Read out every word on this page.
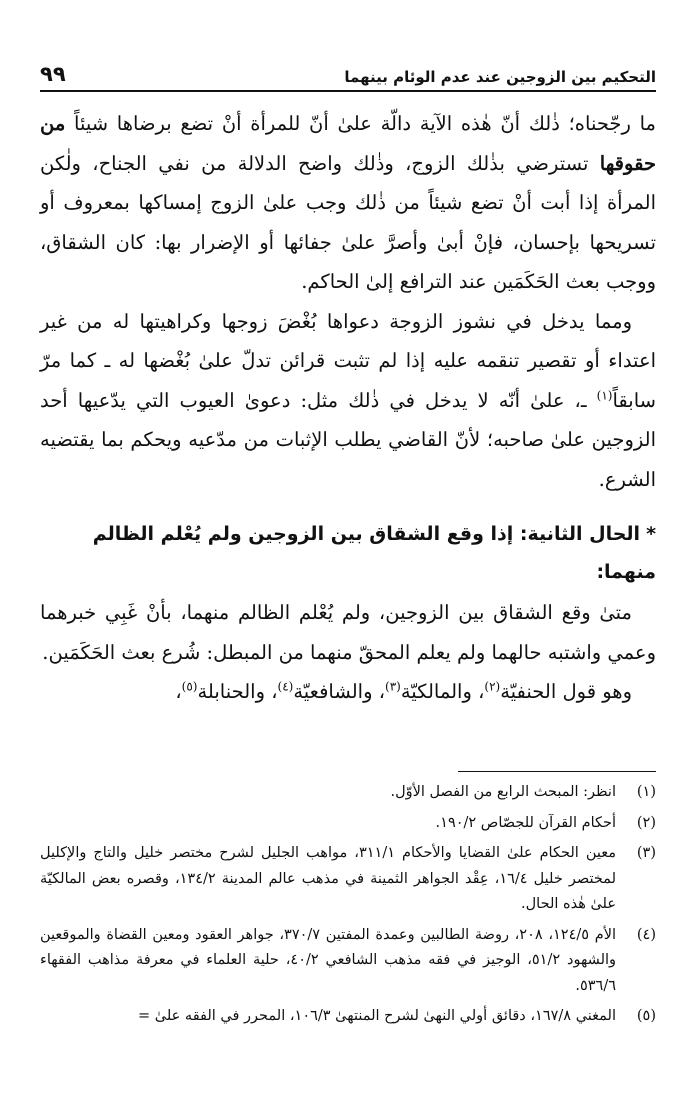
التحكيم بين الزوجين عند عدم الوئام بينهما
٩٩

ما رجّحناه؛ ذٰلك أنّ هٰذه الآية دالّة علىٰ أنّ للمرأة أنْ تضع برضاها شيئاً من حقوقها تسترضي بذٰلك الزوج، وذٰلك واضح الدلالة من نفي الجناح، ولٰكن المرأة إذا أبت أنْ تضع شيئاً من ذٰلك وجب علىٰ الزوج إمساكها بمعروف أو تسريحها بإحسان، فإنْ أبىٰ وأصرَّ علىٰ جفائها أو الإضرار بها: كان الشقاق، ووجب بعث الحَكَمَين عند الترافع إلىٰ الحاكم.

ومما يدخل في نشوز الزوجة دعواها بُغْضَ زوجها وكراهيتها له من غير اعتداء أو تقصير تنقمه عليه إذا لم تثبت قرائن تدلّ علىٰ بُغْضها له ـ كما مرّ سابقاً$^{(١)}$ ـ، علىٰ أنّه لا يدخل في ذٰلك مثل: دعوىٰ العيوب التي يدّعيها أحد الزوجين علىٰ صاحبه؛ لأنّ القاضي يطلب الإثبات من مدّعيه ويحكم بما يقتضيه الشرع.

*الحال الثانية: إذا وقع الشقاق بين الزوجين ولم يُعْلم الظالم منهما:

متىٰ وقع الشقاق بين الزوجين، ولم يُعْلم الظالم منهما، بأنْ غَبِي خبرهما وعمي واشتبه حالهما ولم يعلم المحقّ منهما من المبطل: شُرع بعث الحَكَمَين.

وهو قول الحنفيّة$^{(٢)}$، والمالكيّة$^{(٣)}$، والشافعيّة$^{(٤)}$، والحنابلة$^{(٥)}$،

(١)
انظر: المبحث الرابع من الفصل الأوّل.
(٢)
أحكام القرآن للجصّاص ١٩٠/٢.
(٣)
معين الحكام علىٰ القضايا والأحكام ٣١١/١، مواهب الجليل لشرح مختصر خليل والتاج والإكليل لمختصر خليل ١٦/٤، عِقْد الجواهر الثمينة في مذهب عالم المدينة ١٣٤/٢، وقصره بعض المالكيّة علىٰ هٰذه الحال.
(٤)
الأم ١٢٤/٥، ٢٠٨، روضة الطالبين وعمدة المفتين ٣٧٠/٧، جواهر العقود ومعين القضاة والموقعين والشهود ٥١/٢، الوجيز في فقه مذهب الشافعي ٤٠/٢، حلية العلماء في معرفة مذاهب الفقهاء ٥٣٦/٦.
(٥)
المغني ١٦٧/٨، دقائق أولي النهىٰ لشرح المنتهىٰ ١٠٦/٣، المحرر في الفقه علىٰ =
